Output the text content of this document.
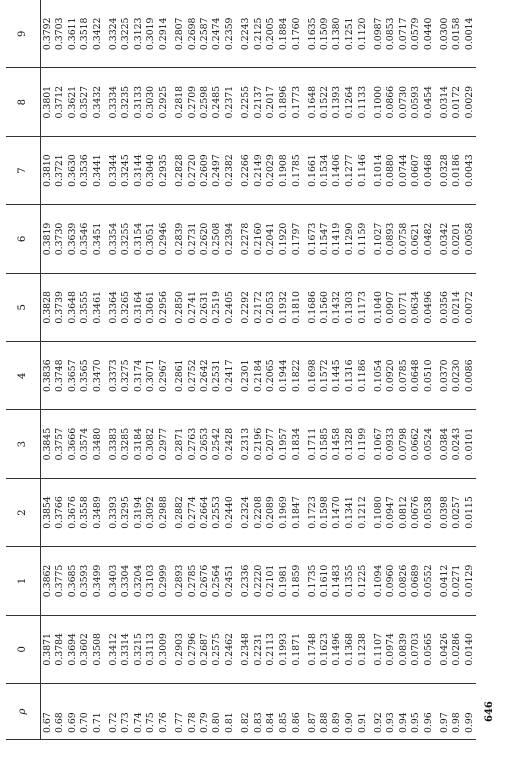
646
ρ	0	1	2	3	4	5	6	7	8	9
0.67	0.3871	0.3862	0.3854	0.3845	0.3836	0.3828	0.3819	0.3810	0.3801	0.3792
0.68	0.3784	0.3775	0.3766	0.3757	0.3748	0.3739	0.3730	0.3721	0.3712	0.3703
0.69	0.3694	0.3685	0.3676	0.3666	0.3657	0.3648	0.3639	0.3630	0.3621	0.3611
0.70	0.3602	0.3593	0.3558	0.3574	0.3565	0.3555	0.3546	0.3536	0.3527	0.3518
0.71	0.3508	0.3499	0.3489	0.3480	0.3470	0.3461	0.3451	0.3441	0.3432	0.3422
0.72	0.3412	0.3403	0.3393	0.3383	0.3373	0.3364	0.3354	0.3344	0.3334	0.3324
0.73	0.3314	0.3304	0.3295	0.3285	0.3275	0.3265	0.3255	0.3245	0.3235	0.3225
0.74	0.3215	0.3204	0.3194	0.3184	0.3174	0.3164	0.3154	0.3144	0.3133	0.3123
0.75	0.3113	0.3103	0.3092	0.3082	0.3071	0.3061	0.3051	0.3040	0.3030	0.3019
0.76	0.3009	0.2999	0.2988	0.2977	0.2967	0.2956	0.2946	0.2935	0.2925	0.2914
0.77	0.2903	0.2893	0.2882	0.2871	0.2861	0.2850	0.2839	0.2828	0.2818	0.2807
0.78	0.2796	0.2785	0.2774	0.2763	0.2752	0.2741	0.2731	0.2720	0.2709	0.2698
0.79	0.2687	0.2676	0.2664	0.2653	0.2642	0.2631	0.2620	0.2609	0.2598	0.2587
0.80	0.2575	0.2564	0.2553	0.2542	0.2531	0.2519	0.2508	0.2497	0.2485	0.2474
0.81	0.2462	0.2451	0.2440	0.2428	0.2417	0.2405	0.2394	0.2382	0.2371	0.2359
0.82	0.2348	0.2336	0.2324	0.2313	0.2301	0.2292	0.2278	0.2266	0.2255	0.2243
0.83	0.2231	0.2220	0.2208	0.2196	0.2184	0.2172	0.2160	0.2149	0.2137	0.2125
0.84	0.2113	0.2101	0.2089	0.2077	0.2065	0.2053	0.2041	0.2029	0.2017	0.2005
0.85	0.1993	0.1981	0.1969	0.1957	0.1944	0.1932	0.1920	0.1908	0.1896	0.1884
0.86	0.1871	0.1859	0.1847	0.1834	0.1822	0.1810	0.1797	0.1785	0.1773	0.1760
0.87	0.1748	0.1735	0.1723	0.1711	0.1698	0.1686	0.1673	0.1661	0.1648	0.1635
0.88	0.1623	0.1610	0.1598	0.1585	0.1572	0.1560	0.1547	0.1534	0.1522	0.1509
0.89	0.1496	0.1483	0.1470	0.1458	0.1445	0.1432	0.1419	0.1406	0.1393	0.1380
0.90	0.1368	0.1355	0.1341	0.1328	0.1316	0.1303	0.1290	0.1277	0.1264	0.1251
0.91	0.1238	0.1225	0.1212	0.1199	0.1186	0.1173	0.1159	0.1146	0.1133	0.1120
0.92	0.1107	0.1094	0.1080	0.1067	0.1054	0.1040	0.1027	0.1014	0.1000	0.0987
0.93	0.0974	0.0960	0.0947	0.0933	0.0920	0.0907	0.0893	0.0880	0.0866	0.0853
0.94	0.0839	0.0826	0.0812	0.0798	0.0785	0.0771	0.0758	0.0744	0.0730	0.0717
0.95	0.0703	0.0689	0.0676	0.0662	0.0648	0.0634	0.0621	0.0607	0.0593	0.0579
0.96	0.0565	0.0552	0.0538	0.0524	0.0510	0.0496	0.0482	0.0468	0.0454	0.0440
0.97	0.0426	0.0412	0.0398	0.0384	0.0370	0.0356	0.0342	0.0328	0.0314	0.0300
0.98	0.0286	0.0271	0.0257	0.0243	0.0230	0.0214	0.0201	0.0186	0.0172	0.0158
0.99	0.0140	0.0129	0.0115	0.0101	0.0086	0.0072	0.0058	0.0043	0.0029	0.0014
